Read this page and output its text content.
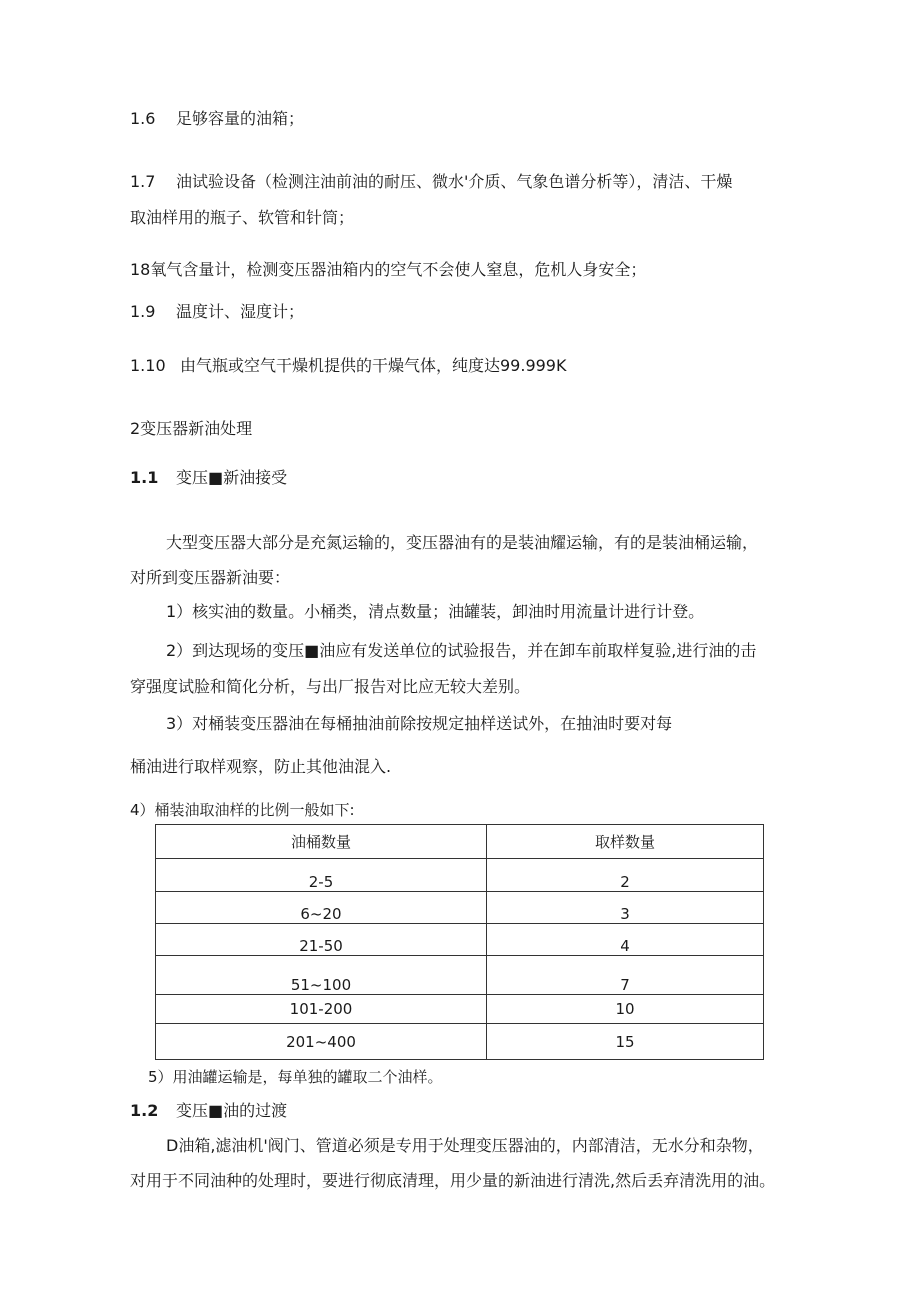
1.6 足够容量的油箱；
1.7 油试验设备（检测注油前油的耐压、微水'介质、气象色谱分析等），清洁、干燥
取油样用的瓶子、软管和针筒；
18氧气含量计，检测变压器油箱内的空气不会使人窒息，危机人身安全；
1.9 温度计、湿度计；
1.10 由气瓶或空气干燥机提供的干燥气体，纯度达99.999K
2变压器新油处理
1.1 变压■新油接受
大型变压器大部分是充氮运输的，变压器油有的是装油耀运输，有的是装油桶运输，
对所到变压器新油要：
1）核实油的数量。小桶类，清点数量；油罐装，卸油时用流量计进行计登。
2）到达现场的变压■油应有发送单位的试验报告，并在卸车前取样复验,进行油的击
穿强度试脸和简化分析，与出厂报告对比应无较大差别。
3）对桶装变压器油在每桶抽油前除按规定抽样送试外，在抽油时要对每
桶油进行取样观察，防止其他油混入.
4）桶装油取油样的比例一般如下:
油桶数量	取样数量
2-5	2
6~20	3
21-50	4
51~100	7
101-200	10
201~400	15
5）用油罐运输是，每单独的罐取二个油样。
1.2 变压■油的过渡
D油箱,滤油机'阀门、管道必须是专用于处理变压器油的，内部清洁，无水分和杂物，
对用于不同油种的处理时，要进行彻底清理，用少量的新油进行清洗,然后丢弃清洗用的油。
